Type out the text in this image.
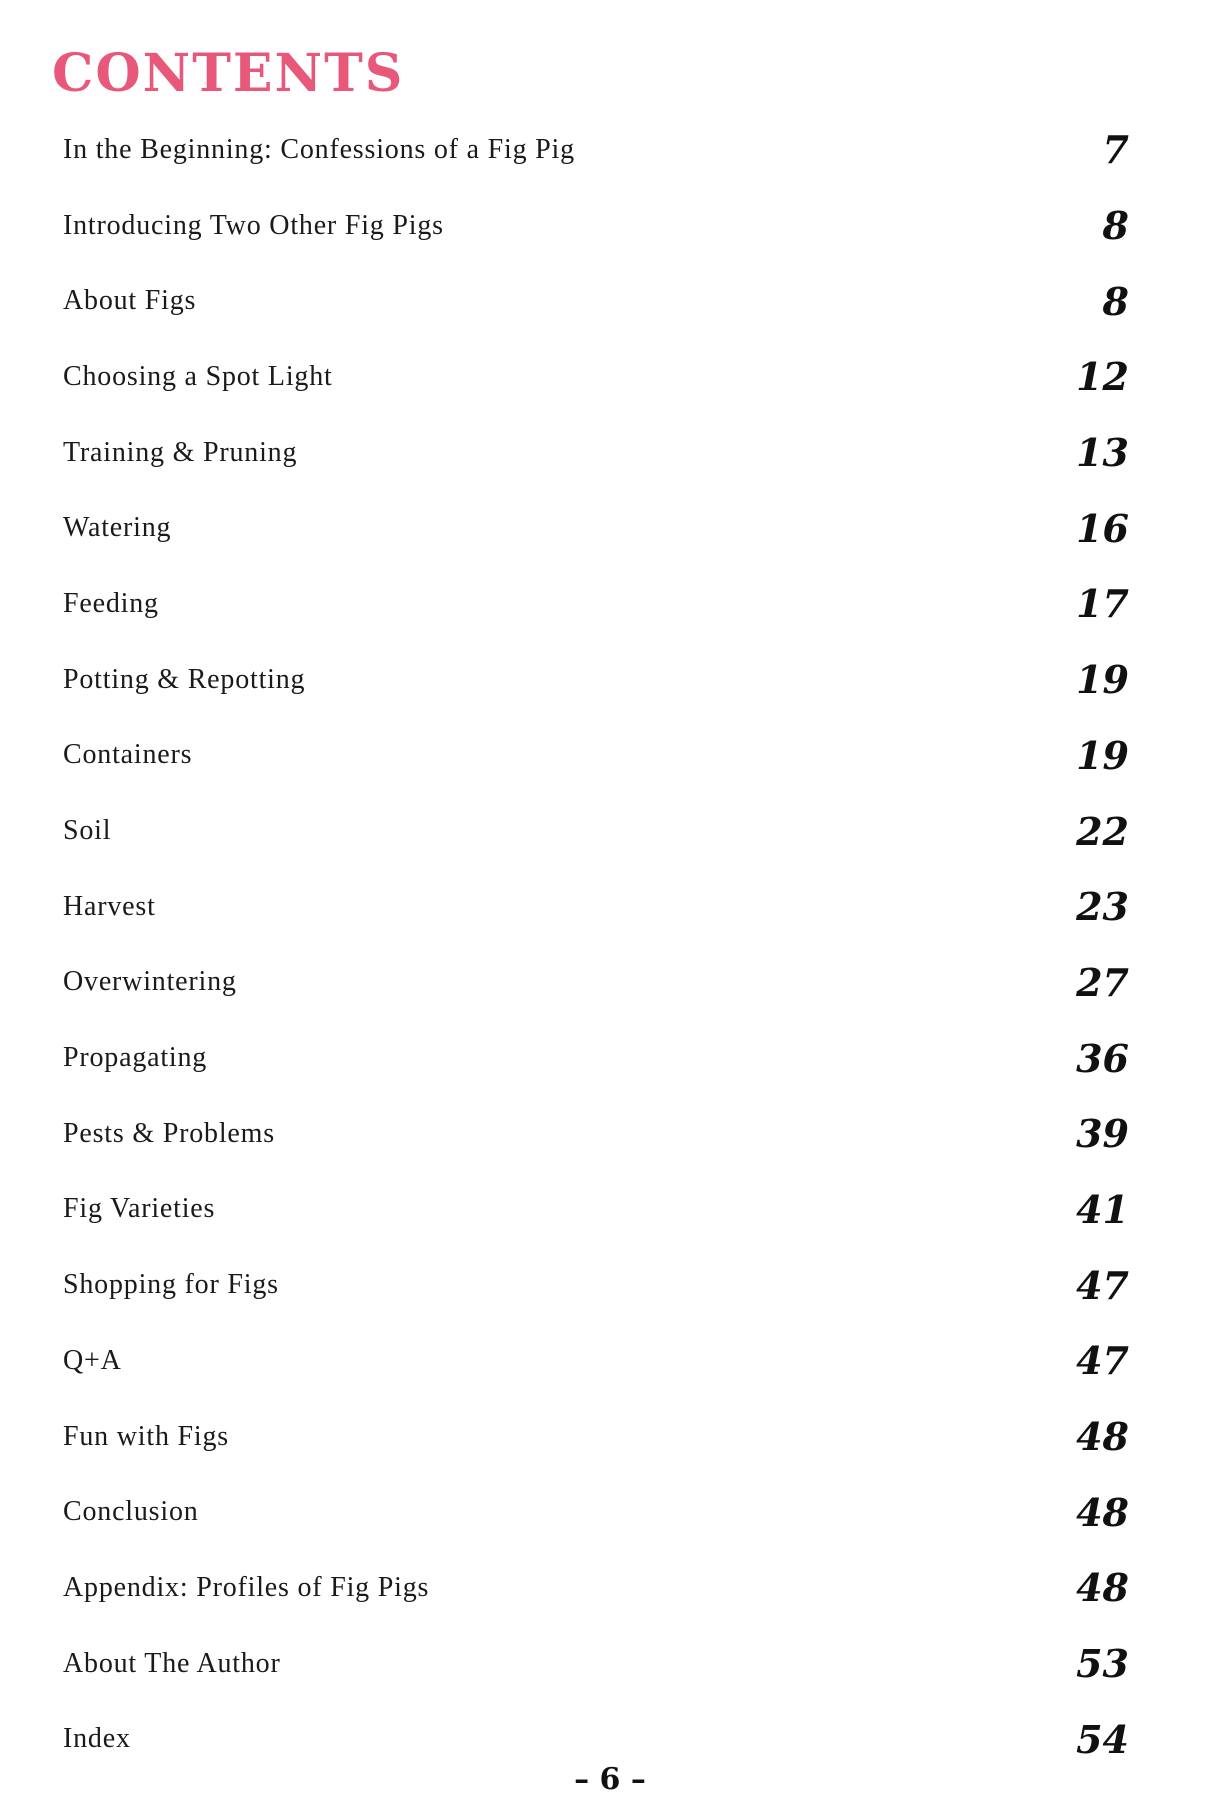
CONTENTS
In the Beginning: Confessions of a Fig Pig	7
Introducing Two Other Fig Pigs	8
About Figs	8
Choosing a Spot Light	12
Training & Pruning	13
Watering	16
Feeding	17
Potting & Repotting	19
Containers	19
Soil	22
Harvest	23
Overwintering	27
Propagating	36
Pests & Problems	39
Fig Varieties	41
Shopping for Figs	47
Q+A	47
Fun with Figs	48
Conclusion	48
Appendix: Profiles of Fig Pigs	48
About The Author	53
Index	54
– 6 –
